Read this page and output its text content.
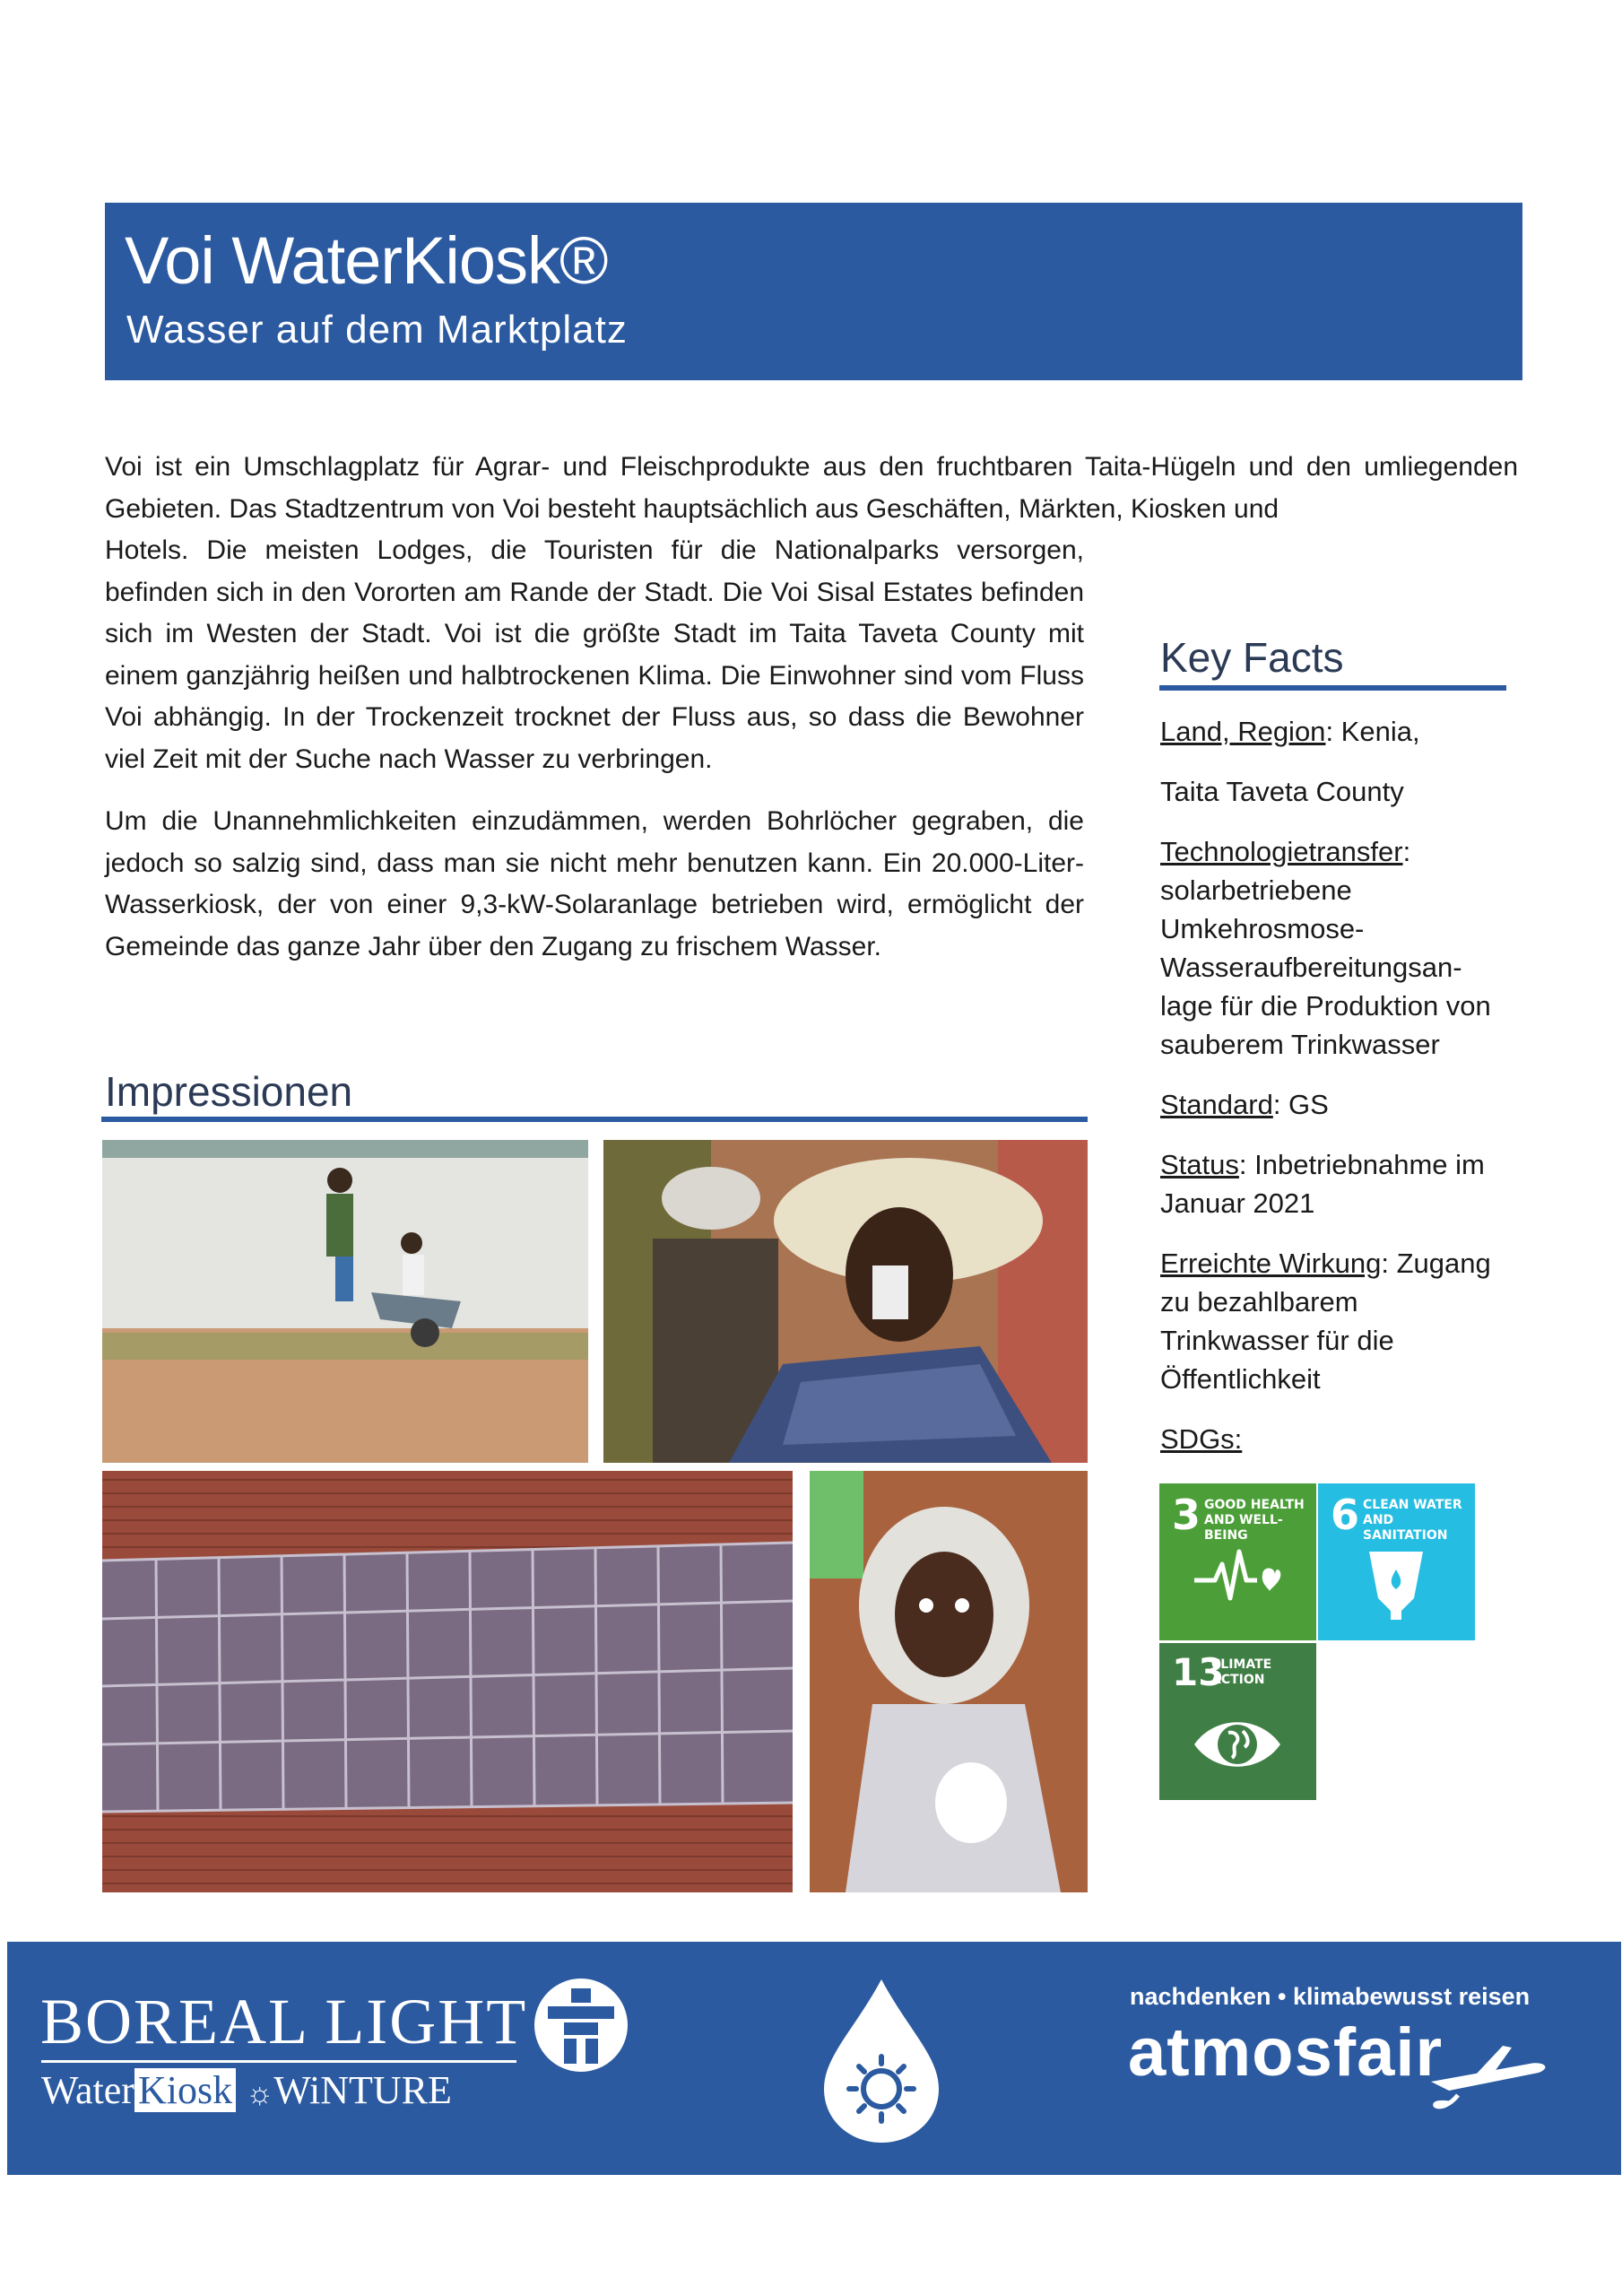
Voi WaterKiosk®
Wasser auf dem Marktplatz

Voi ist ein Umschlagplatz für Agrar- und Fleischprodukte aus den fruchtbaren Taita-Hügeln und den umliegenden Gebieten. Das Stadtzentrum von Voi besteht hauptsächlich aus Geschäften, Märkten, Kiosken und

Hotels. Die meisten Lodges, die Touristen für die Nationalparks versorgen, befinden sich in den Vororten am Rande der Stadt. Die Voi Sisal Estates befinden sich im Westen der Stadt. Voi ist die größte Stadt im Taita Taveta County mit einem ganzjährig heißen und halbtrockenen Klima. Die Einwohner sind vom Fluss Voi abhängig. In der Trockenzeit trocknet der Fluss aus, so dass die Bewohner viel Zeit mit der Suche nach Wasser zu verbringen.

Um die Unannehmlichkeiten einzudämmen, werden Bohrlöcher gegraben, die jedoch so salzig sind, dass man sie nicht mehr benutzen kann. Ein 20.000-Liter-Wasserkiosk, der von einer 9,3-kW-Solaranlage betrieben wird, ermöglicht der Gemeinde das ganze Jahr über den Zugang zu frischem Wasser.

Key Facts

Land, Region: Kenia,

Taita Taveta County

Technologietransfer:

solarbetriebene Umkehrosmose-Wasseraufbereitungsan-lage für die Produktion von sauberem Trinkwasser

Standard: GS

Status: Inbetriebnahme im Januar 2021

Erreichte Wirkung: Zugang zu bezahlbarem Trinkwasser für die Öffentlichkeit

SDGs:

3 GOOD HEALTH AND WELL-BEING	6 CLEAN WATER AND SANITATION
13
CLIMATE ACTION
Impressionen
BOREAL LIGHT
WaterKiosk ☼WiNTURE
nachdenken • klimabewusst reisen
atmosfair
